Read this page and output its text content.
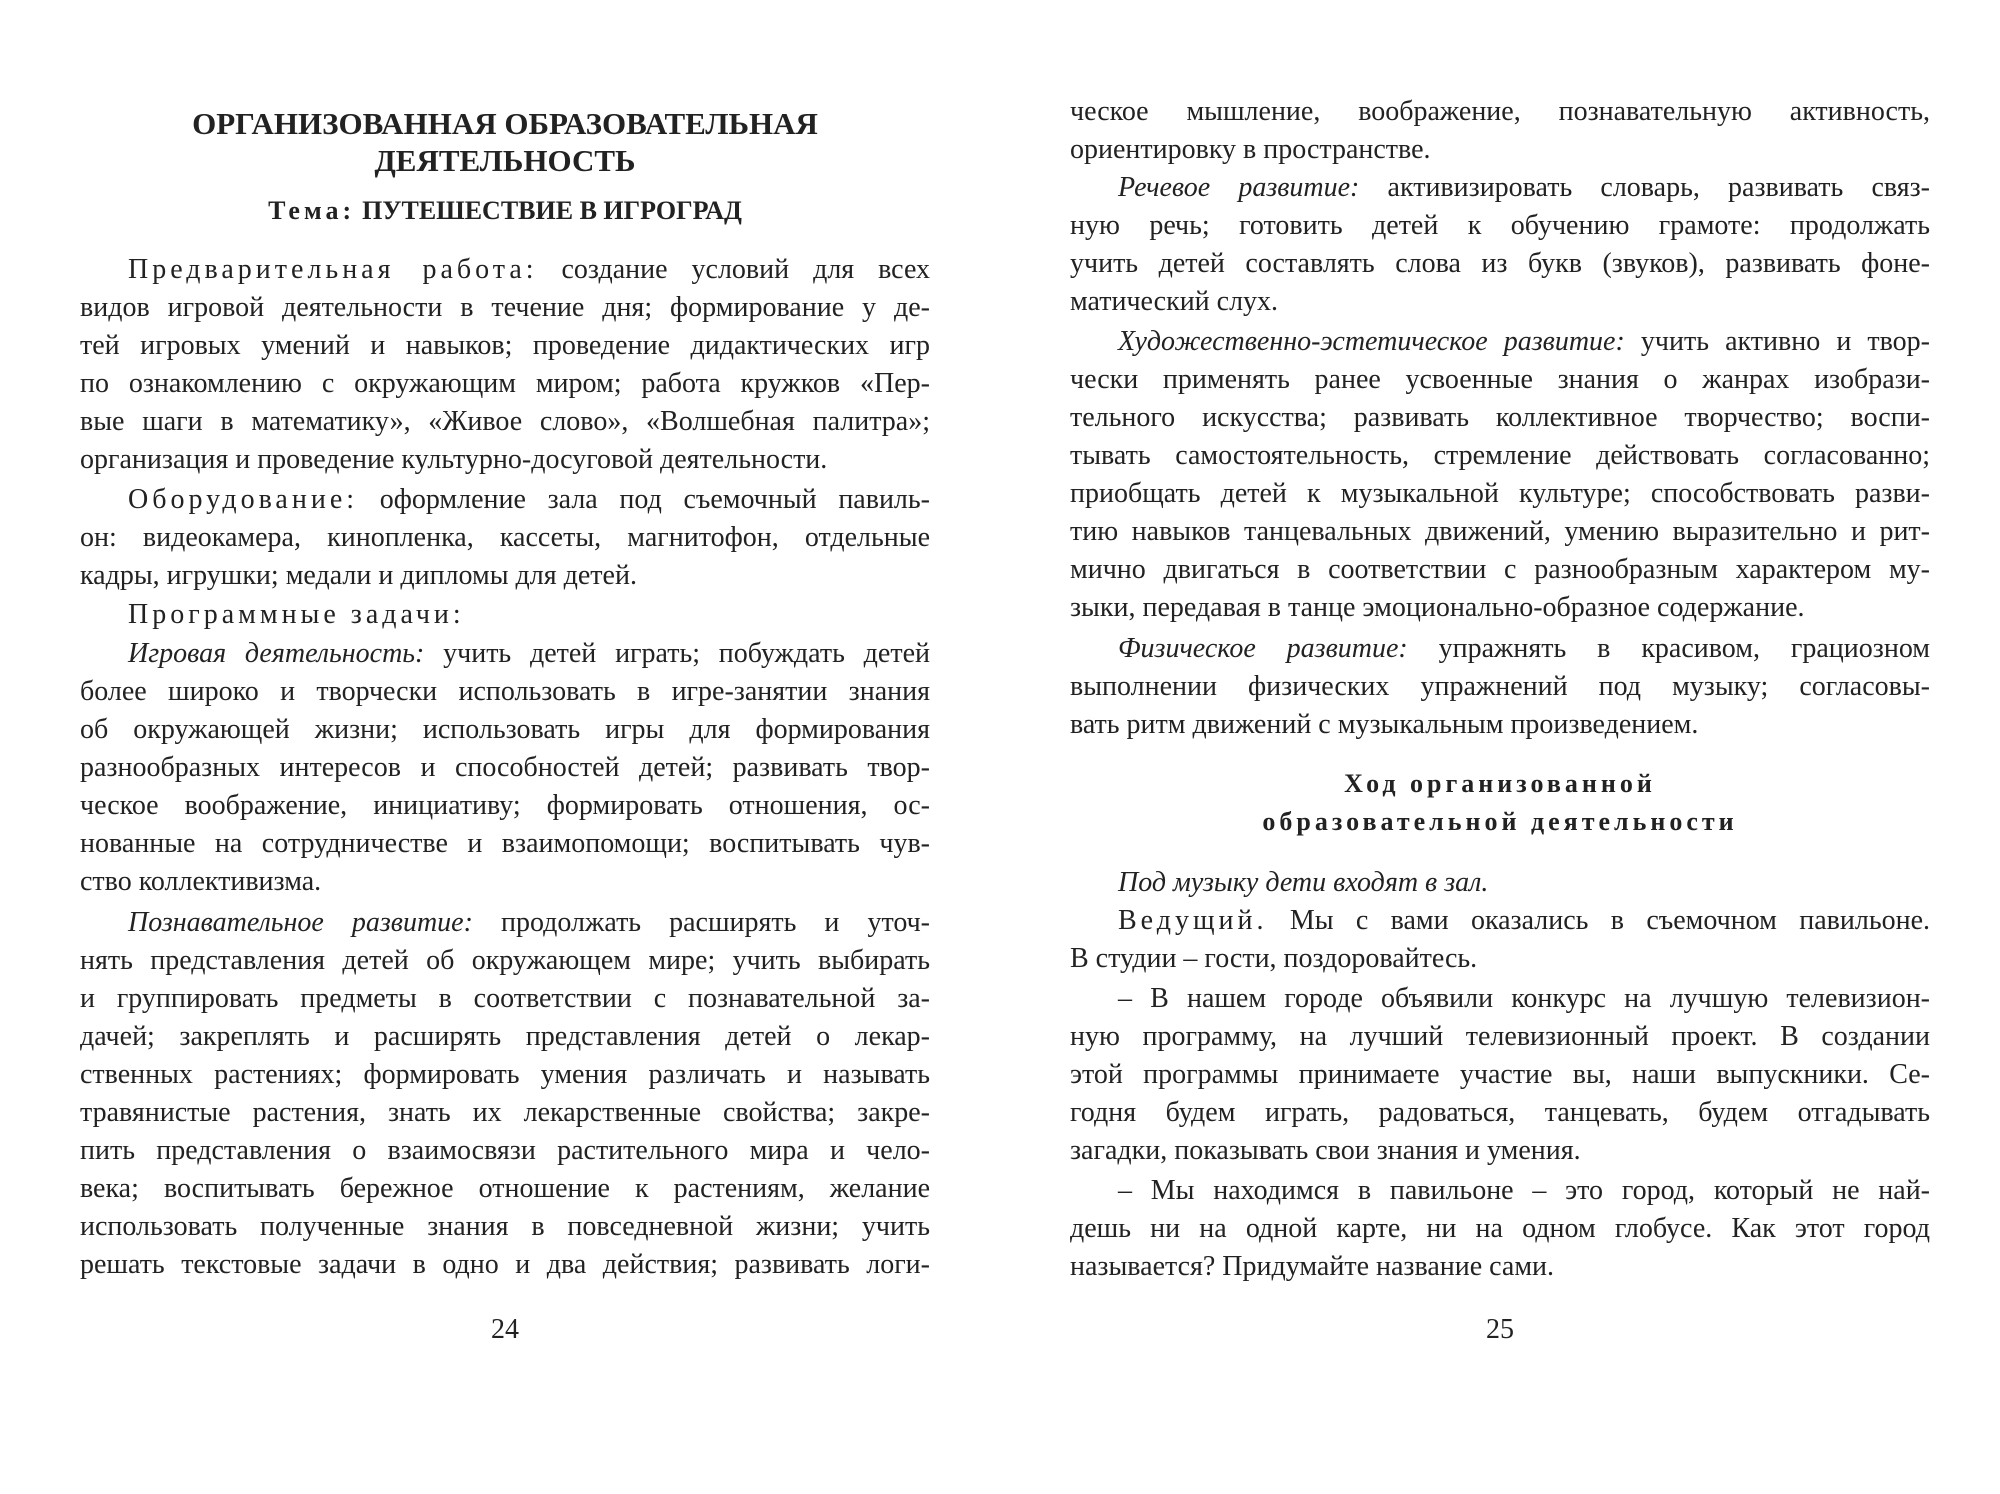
ОРГАНИЗОВАННАЯ ОБРАЗОВАТЕЛЬНАЯ
ДЕЯТЕЛЬНОСТЬ
Тема: ПУТЕШЕСТВИЕ В ИГРОГРАД
Предварительная работа: создание условий для всех
видов игровой деятельности в течение дня; формирование у де-
тей игровых умений и навыков; проведение дидактических игр
по ознакомлению с окружающим миром; работа кружков «Пер-
вые шаги в математику», «Живое слово», «Волшебная палитра»;
организация и проведение культурно-досуговой деятельности.
Оборудование: оформление зала под съемочный павиль-
он: видеокамера, кинопленка, кассеты, магнитофон, отдельные
кадры, игрушки; медали и дипломы для детей.
Программные задачи:
Игровая деятельность: учить детей играть; побуждать детей
более широко и творчески использовать в игре-занятии знания
об окружающей жизни; использовать игры для формирования
разнообразных интересов и способностей детей; развивать твор-
ческое воображение, инициативу; формировать отношения, ос-
нованные на сотрудничестве и взаимопомощи; воспитывать чув-
ство коллективизма.
Познавательное развитие: продолжать расширять и уточ-
нять представления детей об окружающем мире; учить выбирать
и группировать предметы в соответствии с познавательной за-
дачей; закреплять и расширять представления детей о лекар-
ственных растениях; формировать умения различать и называть
травянистые растения, знать их лекарственные свойства; закре-
пить представления о взаимосвязи растительного мира и чело-
века; воспитывать бережное отношение к растениям, желание
использовать полученные знания в повседневной жизни; учить
решать текстовые задачи в одно и два действия; развивать логи-
24
ческое мышление, воображение, познавательную активность,
ориентировку в пространстве.
Речевое развитие: активизировать словарь, развивать связ-
ную речь; готовить детей к обучению грамоте: продолжать
учить детей составлять слова из букв (звуков), развивать фоне-
матический слух.
Художественно-эстетическое развитие: учить активно и твор-
чески применять ранее усвоенные знания о жанрах изобрази-
тельного искусства; развивать коллективное творчество; воспи-
тывать самостоятельность, стремление действовать согласованно;
приобщать детей к музыкальной культуре; способствовать разви-
тию навыков танцевальных движений, умению выразительно и рит-
мично двигаться в соответствии с разнообразным характером му-
зыки, передавая в танце эмоционально-образное содержание.
Физическое развитие: упражнять в красивом, грациозном
выполнении физических упражнений под музыку; согласовы-
вать ритм движений с музыкальным произведением.
Ход организованной
образовательной деятельности
Под музыку дети входят в зал.
Ведущий. Мы с вами оказались в съемочном павильоне.
В студии – гости, поздоровайтесь.
– В нашем городе объявили конкурс на лучшую телевизион-
ную программу, на лучший телевизионный проект. В создании
этой программы принимаете участие вы, наши выпускники. Се-
годня будем играть, радоваться, танцевать, будем отгадывать
загадки, показывать свои знания и умения.
– Мы находимся в павильоне – это город, который не най-
дешь ни на одной карте, ни на одном глобусе. Как этот город
называется? Придумайте название сами.
25
